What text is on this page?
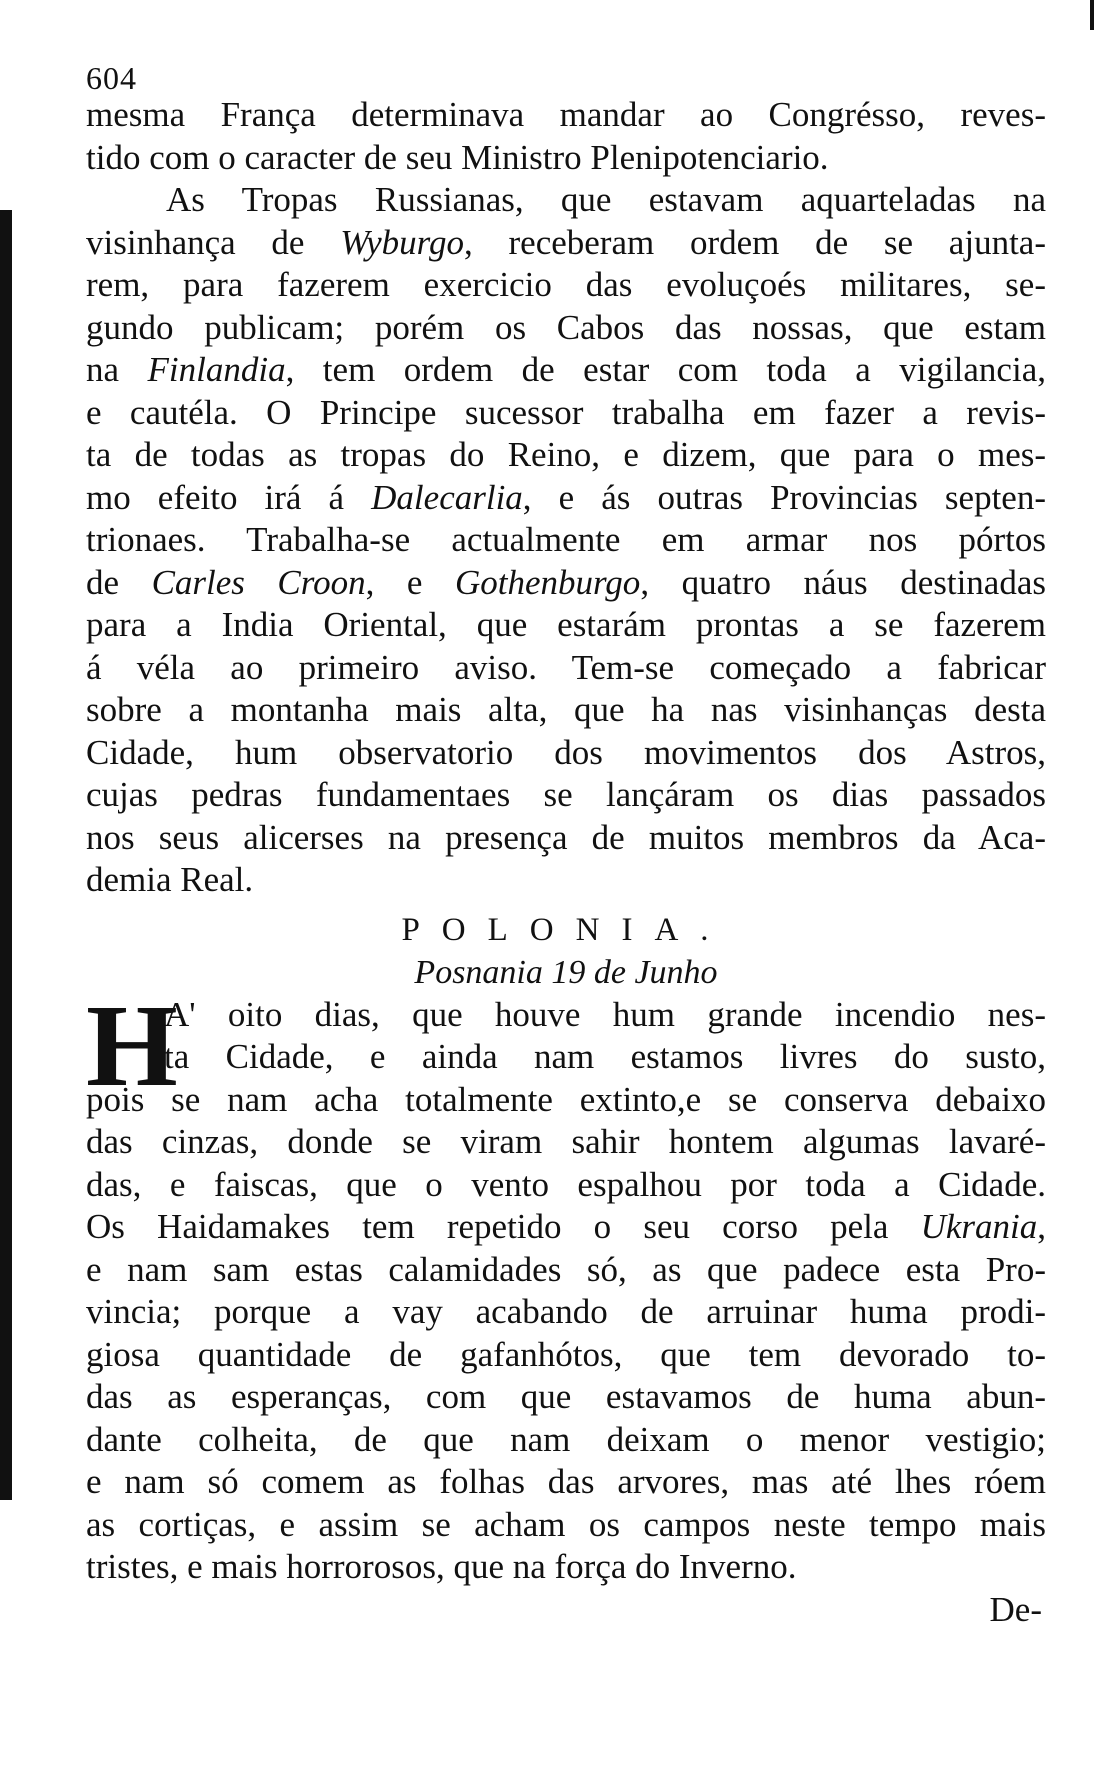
604
mesma França determinava mandar ao Congrésso, reves-
tido com o caracter de seu Ministro Plenipotenciario.
As Tropas Russianas, que estavam aquarteladas na
visinhança de Wyburgo, receberam ordem de se ajunta-
rem, para fazerem exercicio das evoluçoés militares, se-
gundo publicam; porém os Cabos das nossas, que estam
na Finlandia, tem ordem de estar com toda a vigilancia,
e cautéla. O Principe sucessor trabalha em fazer a revis-
ta de todas as tropas do Reino, e dizem, que para o mes-
mo efeito irá á Dalecarlia, e ás outras Provincias septen-
trionaes. Trabalha-se actualmente em armar nos pórtos
de Carles Croon, e Gothenburgo, quatro náus destinadas
para a India Oriental, que estarám prontas a se fazerem
á véla ao primeiro aviso. Tem-se começado a fabricar
sobre a montanha mais alta, que ha nas visinhanças desta
Cidade, hum observatorio dos movimentos dos Astros,
cujas pedras fundamentaes se lançáram os dias passados
nos seus alicerses na presença de muitos membros da Aca-
demia Real.
POLONIA.
Posnania 19 de Junho
H
A' oito dias, que houve hum grande incendio nes-
ta Cidade, e ainda nam estamos livres do susto,
pois se nam acha totalmente extinto,e se conserva debaixo
das cinzas, donde se viram sahir hontem algumas lavaré-
das, e faiscas, que o vento espalhou por toda a Cidade.
Os Haidamakes tem repetido o seu corso pela Ukrania,
e nam sam estas calamidades só, as que padece esta Pro-
vincia; porque a vay acabando de arruinar huma prodi-
giosa quantidade de gafanhótos, que tem devorado to-
das as esperanças, com que estavamos de huma abun-
dante colheita, de que nam deixam o menor vestigio;
e nam só comem as folhas das arvores, mas até lhes róem
as cortiças, e assim se acham os campos neste tempo mais
tristes, e mais horrorosos, que na força do Inverno.
De-
